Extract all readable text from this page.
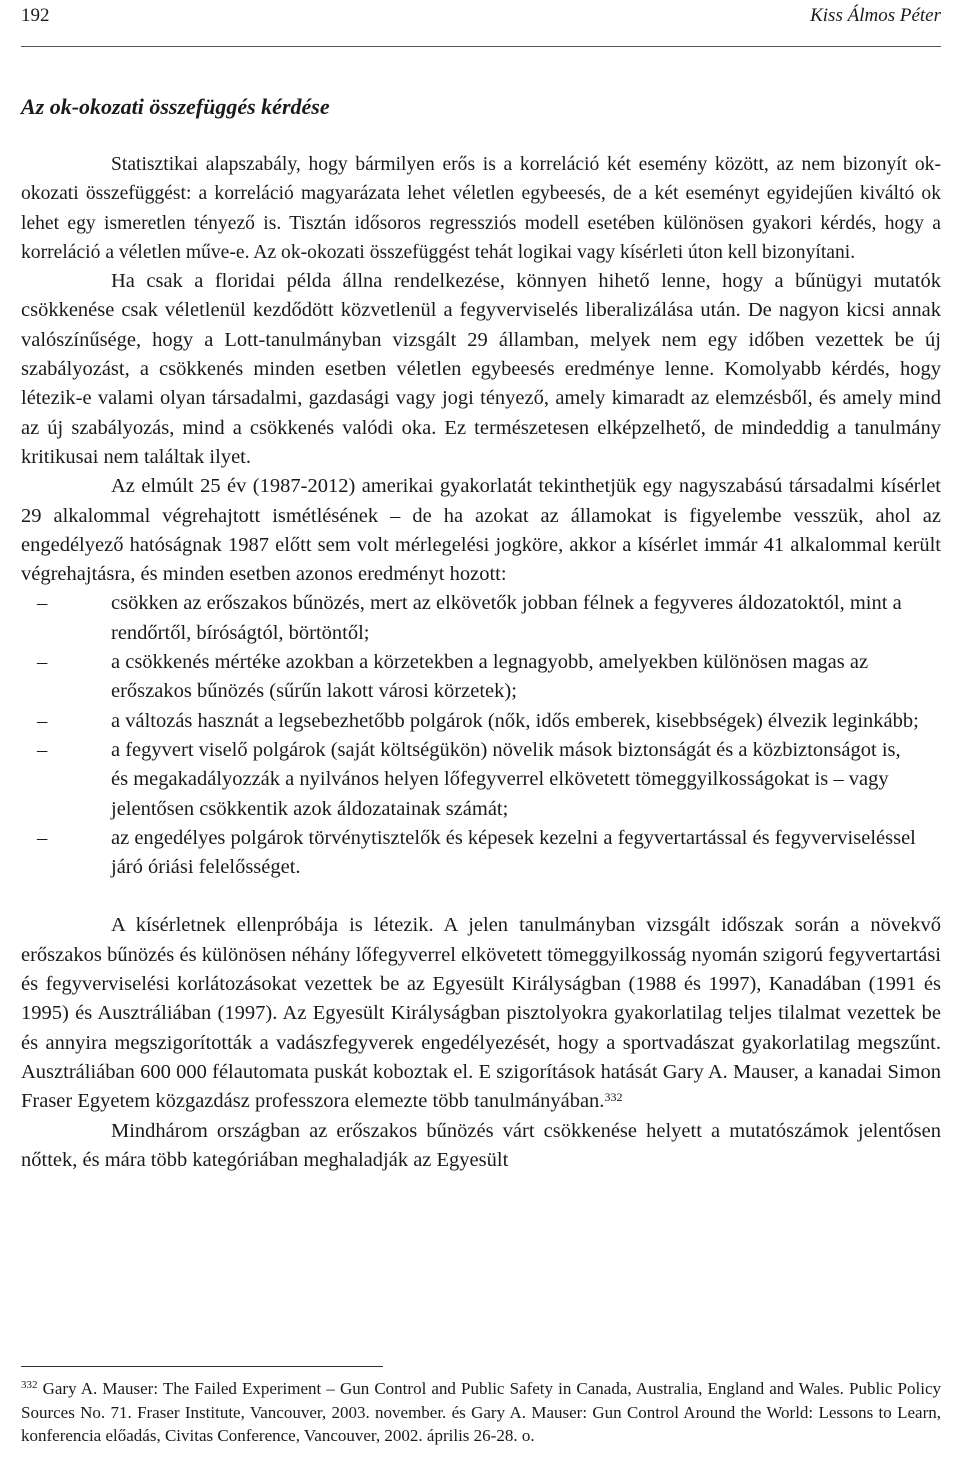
192	Kiss Álmos Péter
Az ok-okozati összefüggés kérdése

Statisztikai alapszabály, hogy bármilyen erős is a korreláció két esemény között, az nem bizonyít ok-okozati összefüggést: a korreláció magyarázata lehet véletlen egybeesés, de a két eseményt egyidejűen kiváltó ok lehet egy ismeretlen tényező is. Tisztán idősoros regressziós modell esetében különösen gyakori kérdés, hogy a korreláció a véletlen műve-e. Az ok-okozati összefüggést tehát logikai vagy kísérleti úton kell bizonyítani.

Ha csak a floridai példa állna rendelkezése, könnyen hihető lenne, hogy a bűnügyi mutatók csökkenése csak véletlenül kezdődött közvetlenül a fegyverviselés liberalizálása után. De nagyon kicsi annak valószínűsége, hogy a Lott-tanulmányban vizsgált 29 államban, melyek nem egy időben vezettek be új szabályozást, a csökkenés minden esetben véletlen egybeesés eredménye lenne. Komolyabb kérdés, hogy létezik-e valami olyan társadalmi, gazdasági vagy jogi tényező, amely kimaradt az elemzésből, és amely mind az új szabályozás, mind a csökkenés valódi oka. Ez természetesen elképzelhető, de mindeddig a tanulmány kritikusai nem találtak ilyet.

Az elmúlt 25 év (1987-2012) amerikai gyakorlatát tekinthetjük egy nagyszabású társadalmi kísérlet 29 alkalommal végrehajtott ismétlésének – de ha azokat az államokat is figyelembe vesszük, ahol az engedélyező hatóságnak 1987 előtt sem volt mérlegelési jogköre, akkor a kísérlet immár 41 alkalommal került végrehajtásra, és minden esetben azonos eredményt hozott:

– csökken az erőszakos bűnözés, mert az elkövetők jobban félnek a fegyveres áldozatoktól, mint a rendőrtől, bíróságtól, börtöntől;
– a csökkenés mértéke azokban a körzetekben a legnagyobb, amelyekben különösen magas az erőszakos bűnözés (sűrűn lakott városi körzetek);
– a változás hasznát a legsebezhetőbb polgárok (nők, idős emberek, kisebbségek) élvezik leginkább;
– a fegyvert viselő polgárok (saját költségükön) növelik mások biztonságát és a közbiztonságot is, és megakadályozzák a nyilvános helyen lőfegyverrel elkövetett tömeggyilkosságokat is – vagy jelentősen csökkentik azok áldozatainak számát;
– az engedélyes polgárok törvénytisztelők és képesek kezelni a fegyvertartással és fegyverviseléssel járó óriási felelősséget.

A kísérletnek ellenpróbája is létezik. A jelen tanulmányban vizsgált időszak során a növekvő erőszakos bűnözés és különösen néhány lőfegyverrel elkövetett tömeggyilkosság nyomán szigorú fegyvertartási és fegyverviselési korlátozásokat vezettek be az Egyesült Királyságban (1988 és 1997), Kanadában (1991 és 1995) és Ausztráliában (1997). Az Egyesült Királyságban pisztolyokra gyakorlatilag teljes tilalmat vezettek be és annyira megszigorították a vadászfegyverek engedélyezését, hogy a sportvadászat gyakorlatilag megszűnt. Ausztráliában 600 000 félautomata puskát koboztak el. E szigorítások hatását Gary A. Mauser, a kanadai Simon Fraser Egyetem közgazdász professzora elemezte több tanulmányában.$^{332}$

Mindhárom országban az erőszakos bűnözés várt csökkenése helyett a mutatószámok jelentősen nőttek, és mára több kategóriában meghaladják az Egyesült

$^{332}$ Gary A. Mauser: The Failed Experiment – Gun Control and Public Safety in Canada, Australia, England and Wales. Public Policy Sources No. 71. Fraser Institute, Vancouver, 2003. november. és Gary A. Mauser: Gun Control Around the World: Lessons to Learn, konferencia előadás, Civitas Conference, Vancouver, 2002. április 26-28. o.
